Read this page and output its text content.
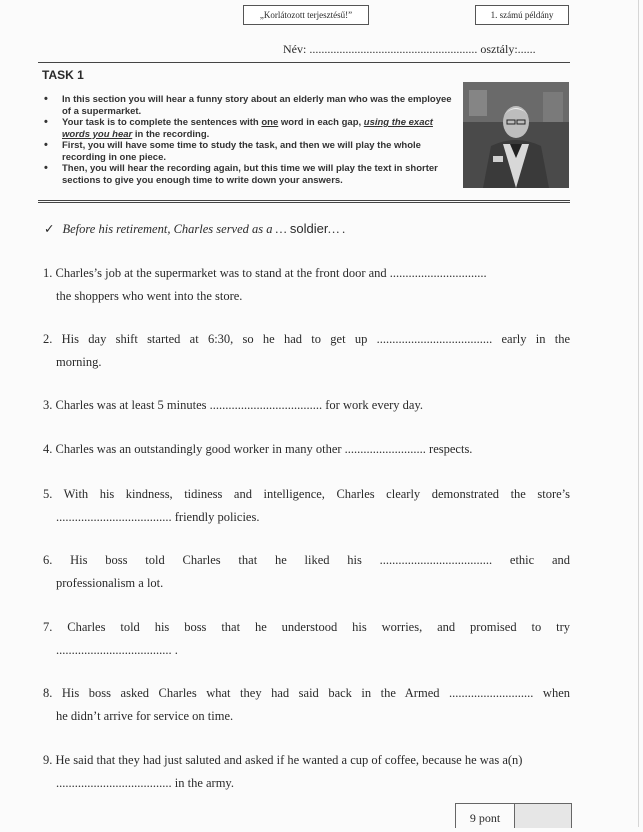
„Korlátozott terjesztésű!”	1. számú példány
Név: ........................................................ osztály:......
TASK 1
• In this section you will hear a funny story about an elderly man who was the employee of a supermarket.
• Your task is to complete the sentences with one word in each gap, using the exact words you hear in the recording.
• First, you will have some time to study the task, and then we will play the whole recording in one piece.
• Then, you will hear the recording again, but this time we will play the text in shorter sections to give you enough time to write down your answers.
✓ Before his retirement, Charles served as a … soldier… .

1. Charles’s job at the supermarket was to stand at the front door and ...............................

the shoppers who went into the store.

2. His day shift started at 6:30, so he had to get up ..................................... early in the

morning.

3. Charles was at least 5 minutes .................................... for work every day.

4. Charles was an outstandingly good worker in many other .......................... respects.

5. With his kindness, tidiness and intelligence, Charles clearly demonstrated the store’s

..................................... friendly policies.

6. His boss told Charles that he liked his .................................... ethic and

professionalism a lot.

7. Charles told his boss that he understood his worries, and promised to try

..................................... .

8. His boss asked Charles what they had said back in the Armed ........................... when

he didn’t arrive for service on time.

9. He said that they had just saluted and asked if he wanted a cup of coffee, because he was a(n)

..................................... in the army.

9 pont
